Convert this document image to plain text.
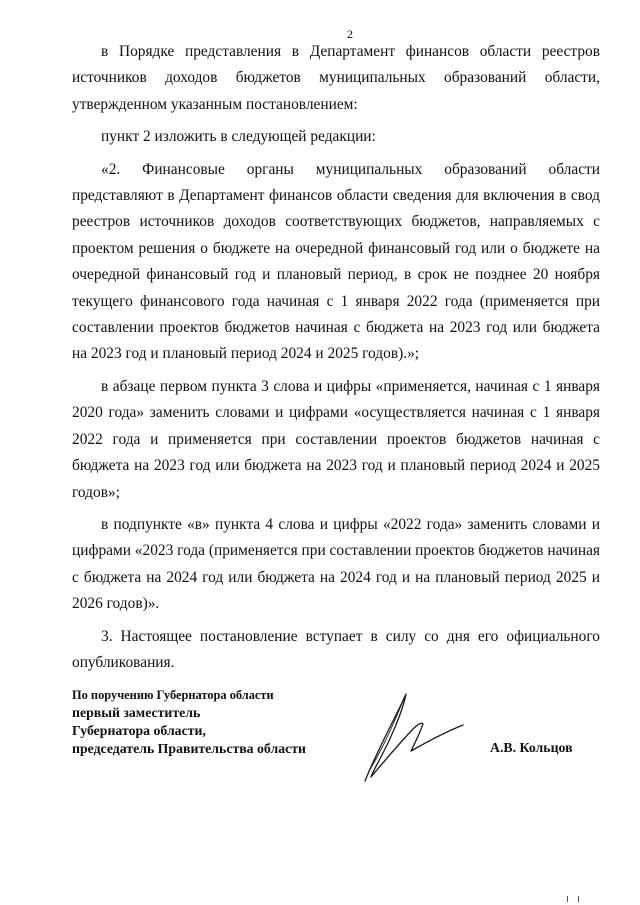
2

в Порядке представления в Департамент финансов области реестров источников доходов бюджетов муниципальных образований области, утвержденном указанным постановлением:

пункт 2 изложить в следующей редакции:

«2. Финансовые органы муниципальных образований области представляют в Департамент финансов области сведения для включения в свод реестров источников доходов соответствующих бюджетов, направляемых с проектом решения о бюджете на очередной финансовый год или о бюджете на очередной финансовый год и плановый период, в срок не позднее 20 ноября текущего финансового года начиная с 1 января 2022 года (применяется при составлении проектов бюджетов начиная с бюджета на 2023 год или бюджета на 2023 год и плановый период 2024 и 2025 годов).»;

в абзаце первом пункта 3 слова и цифры «применяется, начиная с 1 января 2020 года» заменить словами и цифрами «осуществляется начиная с 1 января 2022 года и применяется при составлении проектов бюджетов начиная с бюджета на 2023 год или бюджета на 2023 год и плановый период 2024 и 2025 годов»;

в подпункте «в» пункта 4 слова и цифры «2022 года» заменить словами и цифрами «2023 года (применяется при составлении проектов бюджетов начиная с бюджета на 2024 год или бюджета на 2024 год и на плановый период 2025 и 2026 годов)».

3. Настоящее постановление вступает в силу со дня его официального опубликования.

По поручению Губернатора области
первый заместитель
Губернатора области,
председатель Правительства области	А.В. Кольцов
